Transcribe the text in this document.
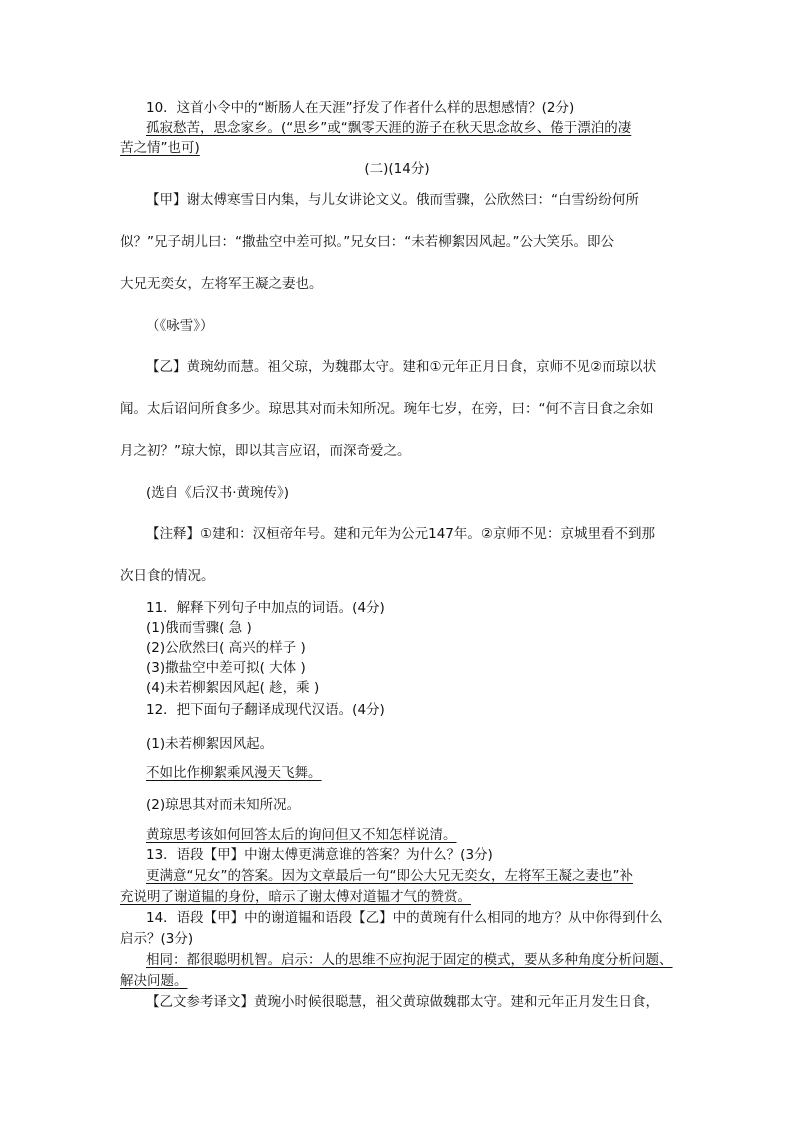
10．这首小令中的“断肠人在天涯”抒发了作者什么样的思想感情？(2分)
孤寂愁苦，思念家乡。(“思乡”或“飘零天涯的游子在秋天思念故乡、倦于漂泊的凄
苦之情”也可)
(二)(14分)
【甲】谢太傅寒雪日内集，与儿女讲论文义。俄而雪骤，公欣然曰：“白雪纷纷何所
似？”兄子胡儿曰：“撒盐空中差可拟。”兄女曰：“未若柳絮因风起。”公大笑乐。即公
大兄无奕女，左将军王凝之妻也。
（《咏雪》）
【乙】黄琬幼而慧。祖父琼，为魏郡太守。建和①元年正月日食，京师不见②而琼以状
闻。太后诏问所食多少。琼思其对而未知所况。琬年七岁，在旁，曰：“何不言日食之余如
月之初？”琼大惊，即以其言应诏，而深奇爱之。
(选自《后汉书·黄琬传》)
【注释】①建和：汉桓帝年号。建和元年为公元147年。②京师不见：京城里看不到那
次日食的情况。
11．解释下列句子中加点的词语。(4分)
(1)俄而雪骤( 急 )
(2)公欣然曰( 高兴的样子 )
(3)撒盐空中差可拟( 大体 )
(4)未若柳絮因风起( 趁，乘 )
12．把下面句子翻译成现代汉语。(4分)
(1)未若柳絮因风起。
不如比作柳絮乘风漫天飞舞。
(2)琼思其对而未知所况。
黄琼思考该如何回答太后的询问但又不知怎样说清。
13．语段【甲】中谢太傅更满意谁的答案？为什么？(3分)
更满意“兄女”的答案。因为文章最后一句“即公大兄无奕女，左将军王凝之妻也”补
充说明了谢道韫的身份，暗示了谢太傅对道韫才气的赞赏。
14．语段【甲】中的谢道韫和语段【乙】中的黄琬有什么相同的地方？从中你得到什么
启示？(3分)
相同：都很聪明机智。启示：人的思维不应拘泥于固定的模式，要从多种角度分析问题、
解决问题。
【乙文参考译文】黄琬小时候很聪慧，祖父黄琼做魏郡太守。建和元年正月发生日食，
